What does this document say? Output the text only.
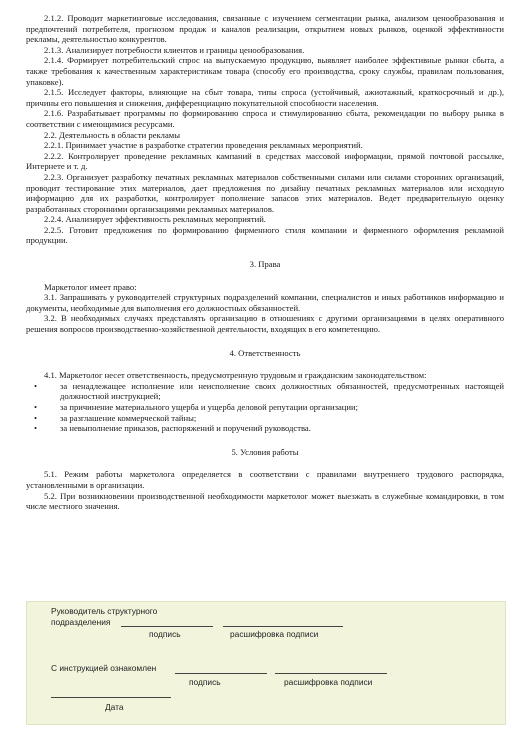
2.1.2. Проводит маркетинговые исследования, связанные с изучением сегментации рынка, анализом ценообразования и предпочтений потребителя, прогнозом продаж и каналов реализации, открытием новых рынков, оценкой эффективности рекламы, деятельностью конкурентов.

2.1.3. Анализирует потребности клиентов и границы ценообразования.

2.1.4. Формирует потребительский спрос на выпускаемую продукцию, выявляет наиболее эффективные рынки сбыта, а также требования к качественным характеристикам товара (способу его производства, сроку службы, правилам пользования, упаковке).

2.1.5. Исследует факторы, влияющие на сбыт товара, типы спроса (устойчивый, ажиотажный, краткосрочный и др.), причины его повышения и снижения, дифференциацию покупательной способности населения.

2.1.6. Разрабатывает программы по формированию спроса и стимулированию сбыта, рекомендации по выбору рынка в соответствии с имеющимися ресурсами.

2.2. Деятельность в области рекламы

2.2.1. Принимает участие в разработке стратегии проведения рекламных мероприятий.

2.2.2. Контролирует проведение рекламных кампаний в средствах массовой информации, прямой почтовой рассылке, Интернете и т. д.

2.2.3. Организует разработку печатных рекламных материалов собственными силами или силами сторонних организаций, проводит тестирование этих материалов, дает предложения по дизайну печатных рекламных материалов или исходную информацию для их разработки, контролирует пополнение запасов этих материалов. Ведет предварительную оценку разработанных сторонними организациями рекламных материалов.

2.2.4. Анализирует эффективность рекламных мероприятий.

2.2.5. Готовит предложения по формированию фирменного стиля компании и фирменного оформления рекламной продукции.

3. Права

Маркетолог имеет право:

3.1. Запрашивать у руководителей структурных подразделений компании, специалистов и иных работников информацию и документы, необходимые для выполнения его должностных обязанностей.

3.2. В необходимых случаях представлять организацию в отношениях с другими организациями в целях оперативного решения вопросов производственно-хозяйственной деятельности, входящих в его компетенцию.

4. Ответственность

4.1. Маркетолог несет ответственность, предусмотренную трудовым и гражданским законодательством:

•	за ненадлежащее исполнение или неисполнение своих должностных обязанностей, предусмотренных настоящей должностной инструкцией;
•	за причинение материального ущерба и ущерба деловой репутации организации;
•	за разглашение коммерческой тайны;
•	за невыполнение приказов, распоряжений и поручений руководства.

5. Условия работы

5.1. Режим работы маркетолога определяется в соответствии с правилами внутреннего трудового распорядка, установленными в организации.

5.2. При возникновении производственной необходимости маркетолог может выезжать в служебные командировки, в том числе местного значения.

Руководитель структурного
подразделения
подпись	расшифровка подписи
С инструкцией ознакомлен
подпись	расшифровка подписи
Дата
